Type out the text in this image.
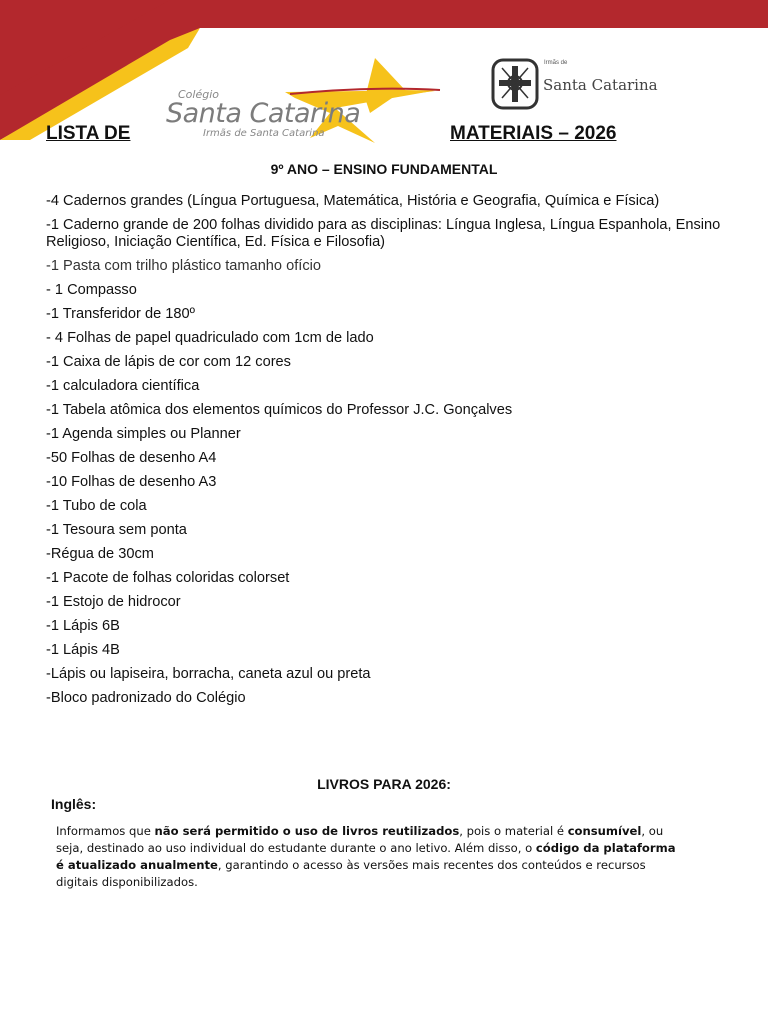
Colégio
Santa Catarina
Irmãs de Santa Catarina
Irmãs de
Santa Catarina
LISTA DE	MATERIAIS – 2026
9º ANO – ENSINO FUNDAMENTAL

-4 Cadernos grandes (Língua Portuguesa, Matemática, História e Geografia, Química e Física)

-1 Caderno grande de 200 folhas dividido para as disciplinas: Língua Inglesa, Língua Espanhola, Ensino Religioso, Iniciação Científica, Ed. Física e Filosofia)

-1 Pasta com trilho plástico tamanho ofício

- 1 Compasso

-1 Transferidor de 180º

- 4 Folhas de papel quadriculado com 1cm de lado

-1 Caixa de lápis de cor com 12 cores

-1 calculadora científica

-1 Tabela atômica dos elementos químicos do Professor J.C. Gonçalves

-1 Agenda simples ou Planner

-50 Folhas de desenho A4

-10 Folhas de desenho A3

-1 Tubo de cola

-1 Tesoura sem ponta

-Régua de 30cm

-1 Pacote de folhas coloridas colorset

-1 Estojo de hidrocor

-1 Lápis 6B

-1 Lápis 4B

-Lápis ou lapiseira, borracha, caneta azul ou preta

-Bloco padronizado do Colégio

LIVROS PARA 2026:
Inglês:
Informamos que não será permitido o uso de livros reutilizados, pois o material é consumível, ou seja, destinado ao uso individual do estudante durante o ano letivo. Além disso, o código da plataforma é atualizado anualmente, garantindo o acesso às versões mais recentes dos conteúdos e recursos digitais disponibilizados.
